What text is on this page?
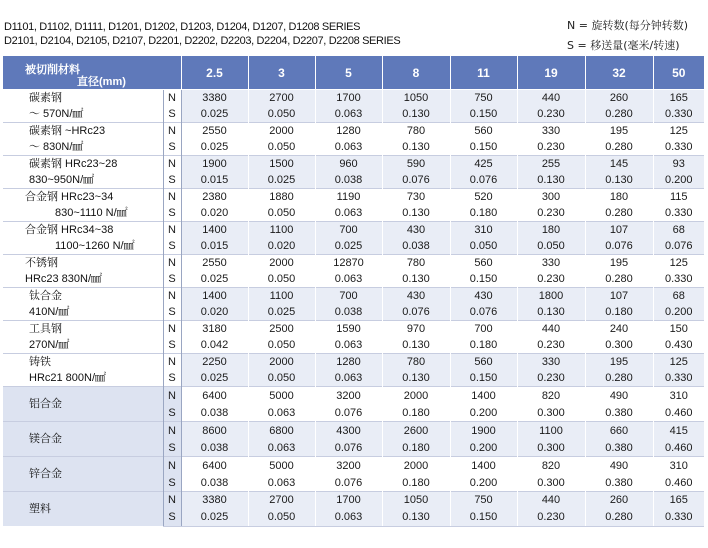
D1101, D1102, D1111, D1201, D1202, D1203, D1204, D1207, D1208 SERIES
D2101, D2104, D2105, D2107, D2201, D2202, D2203, D2204, D2207, D2208 SERIES
N = 旋转数(每分钟转数)
S = 移送量(毫米/转速)
被切削材料
直径(mm)		2.5	3	5	8	11	19	32	50

碳素钢
～ 570N/㎟	N	3380	2700	1700	1050	750	440	260	165
	S	0.025	0.050	0.063	0.130	0.150	0.230	0.280	0.330

碳素钢 ~HRc23
～ 830N/㎟	N	2550	2000	1280	780	560	330	195	125
	S	0.025	0.050	0.063	0.130	0.150	0.230	0.280	0.330

碳素钢 HRc23~28
830~950N/㎟	N	1900	1500	960	590	425	255	145	93
	S	0.015	0.025	0.038	0.076	0.076	0.130	0.130	0.200

合金钢 HRc23~34
830~1110 N/㎟	N	2380	1880	1190	730	520	300	180	115
	S	0.020	0.050	0.063	0.130	0.180	0.230	0.280	0.330

合金钢 HRc34~38
1100~1260 N/㎟	N	1400	1100	700	430	310	180	107	68
	S	0.015	0.020	0.025	0.038	0.050	0.050	0.076	0.076

不锈钢
HRc23 830N/㎟	N	2550	2000	12870	780	560	330	195	125
	S	0.025	0.050	0.063	0.130	0.150	0.230	0.280	0.330

钛合金
410N/㎟	N	1400	1100	700	430	430	1800	107	68
	S	0.020	0.025	0.038	0.076	0.076	0.130	0.180	0.200

工具钢
270N/㎟	N	3180	2500	1590	970	700	440	240	150
	S	0.042	0.050	0.063	0.130	0.180	0.230	0.300	0.430

铸铁
HRc21 800N/㎟	N	2250	2000	1280	780	560	330	195	125
	S	0.025	0.050	0.063	0.130	0.150	0.230	0.280	0.330

铝合金	N	6400	5000	3200	2000	1400	820	490	310
	S	0.038	0.063	0.076	0.180	0.200	0.300	0.380	0.460

镁合金	N	8600	6800	4300	2600	1900	1100	660	415
	S	0.038	0.063	0.076	0.180	0.200	0.300	0.380	0.460

锌合金	N	6400	5000	3200	2000	1400	820	490	310
	S	0.038	0.063	0.076	0.180	0.200	0.300	0.380	0.460

塑料	N	3380	2700	1700	1050	750	440	260	165
	S	0.025	0.050	0.063	0.130	0.150	0.230	0.280	0.330
